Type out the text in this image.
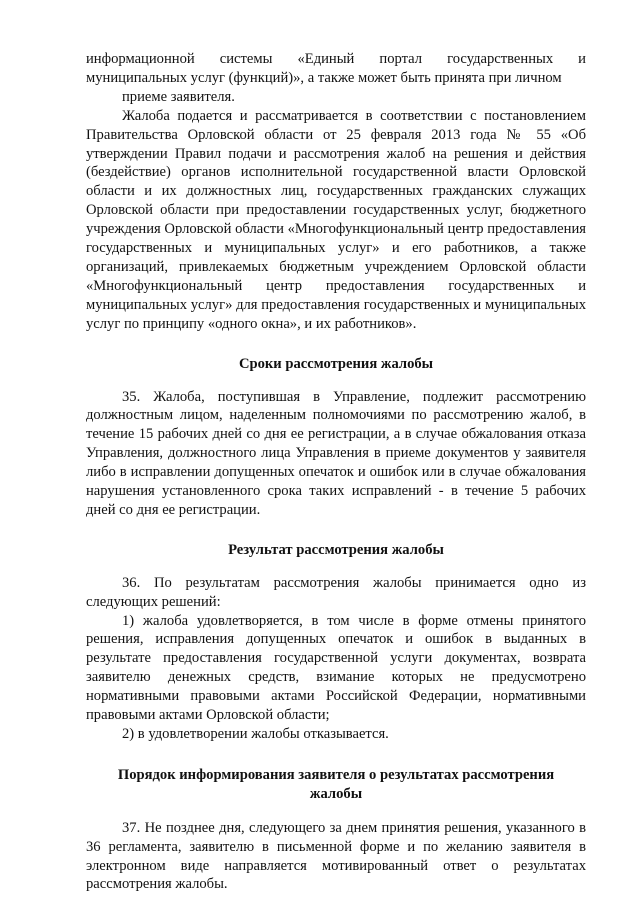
информационной системы «Единый портал государственных и

муниципальных услуг (функций)», а также может быть принята при личном

приеме заявителя.

Жалоба подается и рассматривается в соответствии с постановлением Правительства Орловской области от 25 февраля 2013 года № 55 «Об утверждении Правил подачи и рассмотрения жалоб на решения и действия (бездействие) органов исполнительной государственной власти Орловской области и их должностных лиц, государственных гражданских служащих Орловской области при предоставлении государственных услуг, бюджетного учреждения Орловской области «Многофункциональный центр предоставления государственных и муниципальных услуг» и его работников, а также организаций, привлекаемых бюджетным учреждением Орловской области «Многофункциональный центр предоставления государственных и муниципальных услуг» для предоставления государственных и муниципальных услуг по принципу «одного окна», и их работников».

Сроки рассмотрения жалобы

35. Жалоба, поступившая в Управление, подлежит рассмотрению должностным лицом, наделенным полномочиями по рассмотрению жалоб, в течение 15 рабочих дней со дня ее регистрации, а в случае обжалования отказа Управления, должностного лица Управления в приеме документов у заявителя либо в исправлении допущенных опечаток и ошибок или в случае обжалования нарушения установленного срока таких исправлений - в течение 5 рабочих дней со дня ее регистрации.

Результат рассмотрения жалобы

36. По результатам рассмотрения жалобы принимается одно из следующих решений:

1) жалоба удовлетворяется, в том числе в форме отмены принятого решения, исправления допущенных опечаток и ошибок в выданных в результате предоставления государственной услуги документах, возврата заявителю денежных средств, взимание которых не предусмотрено нормативными правовыми актами Российской Федерации, нормативными правовыми актами Орловской области;

2) в удовлетворении жалобы отказывается.

Порядок информирования заявителя о результатах рассмотрения жалобы

37. Не позднее дня, следующего за днем принятия решения, указанного в 36 регламента, заявителю в письменной форме и по желанию заявителя в электронном виде направляется мотивированный ответ о результатах рассмотрения жалобы.
